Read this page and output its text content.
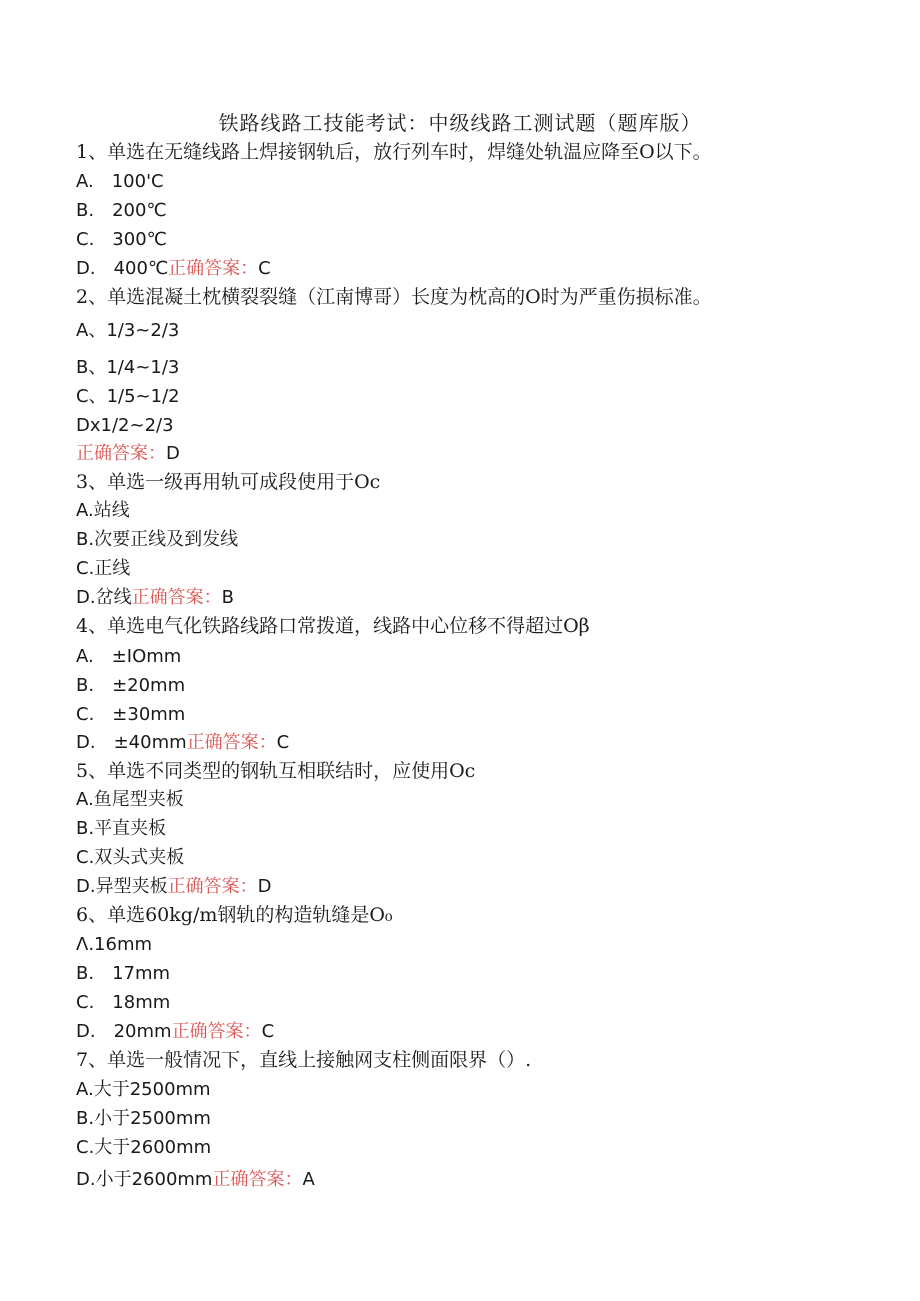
铁路线路工技能考试：中级线路工测试题（题库版）
1、单选在无缝线路上焊接钢轨后，放行列车时，焊缝处轨温应降至O以下。
A.　100'C
B.　200℃
C.　300℃
D.　400℃正确答案：C
2、单选混凝土枕横裂裂缝（江南博哥）长度为枕高的O时为严重伤损标准。
A、1/3~2/3
B、1/4~1/3
C、1/5~1/2
Dx1/2~2/3
正确答案：D
3、单选一级再用轨可成段使用于Oc
A.站线
B.次要正线及到发线
C.正线
D.岔线正确答案：B
4、单选电气化铁路线路口常拨道，线路中心位移不得超过Oβ
A.　±IOmm
B.　±20mm
C.　±30mm
D.　±40mm正确答案：C
5、单选不同类型的钢轨互相联结时，应使用Oc
A.鱼尾型夹板
B.平直夹板
C.双头式夹板
D.异型夹板正确答案：D
6、单选60kg/m钢轨的构造轨缝是O₀
Λ.16mm
B.　17mm
C.　18mm
D.　20mm正确答案：C
7、单选一般情况下，直线上接触网支柱侧面限界（）.
A.大于2500mm
B.小于2500mm
C.大于2600mm
D.小于2600mm正确答案：A
